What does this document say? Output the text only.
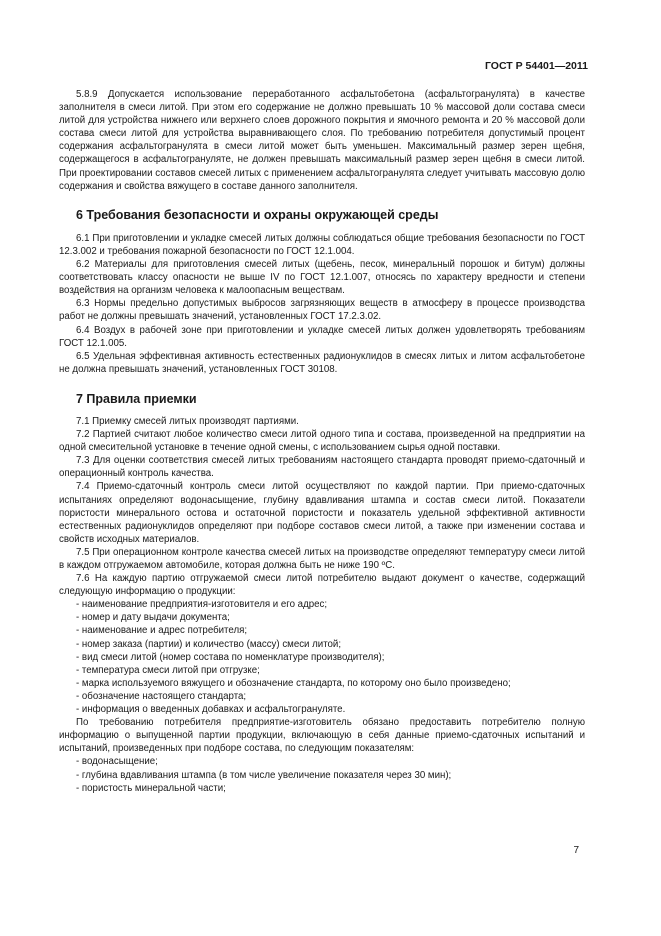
ГОСТ Р 54401—2011

5.8.9 Допускается использование переработанного асфальтобетона (асфальтогранулята) в качестве заполнителя в смеси литой. При этом его содержание не должно превышать 10 % массовой доли состава смеси литой для устройства нижнего или верхнего слоев дорожного покрытия и ямочного ремонта и 20 % массовой доли состава смеси литой для устройства выравнивающего слоя. По требованию потребителя допустимый процент содержания асфальтогранулята в смеси литой может быть уменьшен. Максимальный размер зерен щебня, содержащегося в асфальтогрануляте, не должен превышать максимальный размер зерен щебня в смеси литой. При проектировании составов смесей литых с применением асфальтогранулята следует учитывать массовую долю содержания и свойства вяжущего в составе данного заполнителя.

6 Требования безопасности и охраны окружающей среды

6.1 При приготовлении и укладке смесей литых должны соблюдаться общие требования безопасности по ГОСТ 12.3.002 и требования пожарной безопасности по ГОСТ 12.1.004.

6.2 Материалы для приготовления смесей литых (щебень, песок, минеральный порошок и битум) должны соответствовать классу опасности не выше IV по ГОСТ 12.1.007, относясь по характеру вредности и степени воздействия на организм человека к малоопасным веществам.

6.3 Нормы предельно допустимых выбросов загрязняющих веществ в атмосферу в процессе производства работ не должны превышать значений, установленных ГОСТ 17.2.3.02.

6.4 Воздух в рабочей зоне при приготовлении и укладке смесей литых должен удовлетворять требованиям ГОСТ 12.1.005.

6.5 Удельная эффективная активность естественных радионуклидов в смесях литых и литом асфальтобетоне не должна превышать значений, установленных ГОСТ 30108.

7 Правила приемки

7.1 Приемку смесей литых производят партиями.

7.2 Партией считают любое количество смеси литой одного типа и состава, произведенной на предприятии на одной смесительной установке в течение одной смены, с использованием сырья одной поставки.

7.3 Для оценки соответствия смесей литых требованиям настоящего стандарта проводят приемо-сдаточный и операционный контроль качества.

7.4 Приемо-сдаточный контроль смеси литой осуществляют по каждой партии. При приемо-сдаточных испытаниях определяют водонасыщение, глубину вдавливания штампа и состав смеси литой. Показатели пористости минерального остова и остаточной пористости и показатель удельной эффективной активности естественных радионуклидов определяют при подборе составов смеси литой, а также при изменении состава и свойств исходных материалов.

7.5 При операционном контроле качества смесей литых на производстве определяют температуру смеси литой в каждом отгружаемом автомобиле, которая должна быть не ниже 190 ºС.

7.6 На каждую партию отгружаемой смеси литой потребителю выдают документ о качестве, содержащий следующую информацию о продукции:

- наименование предприятия-изготовителя и его адрес;

- номер и дату выдачи документа;

- наименование и адрес потребителя;

- номер заказа (партии) и количество (массу) смеси литой;

- вид смеси литой (номер состава по номенклатуре производителя);

- температура смеси литой при отгрузке;

- марка используемого вяжущего и обозначение стандарта, по которому оно было произведено;

- обозначение настоящего стандарта;

- информация о введенных добавках и асфальтогрануляте.

По требованию потребителя предприятие-изготовитель обязано предоставить потребителю полную информацию о выпущенной партии продукции, включающую в себя данные приемо-сдаточных испытаний и испытаний, произведенных при подборе состава, по следующим показателям:

- водонасыщение;

- глубина вдавливания штампа (в том числе увеличение показателя через 30 мин);

- пористость минеральной части;

7
